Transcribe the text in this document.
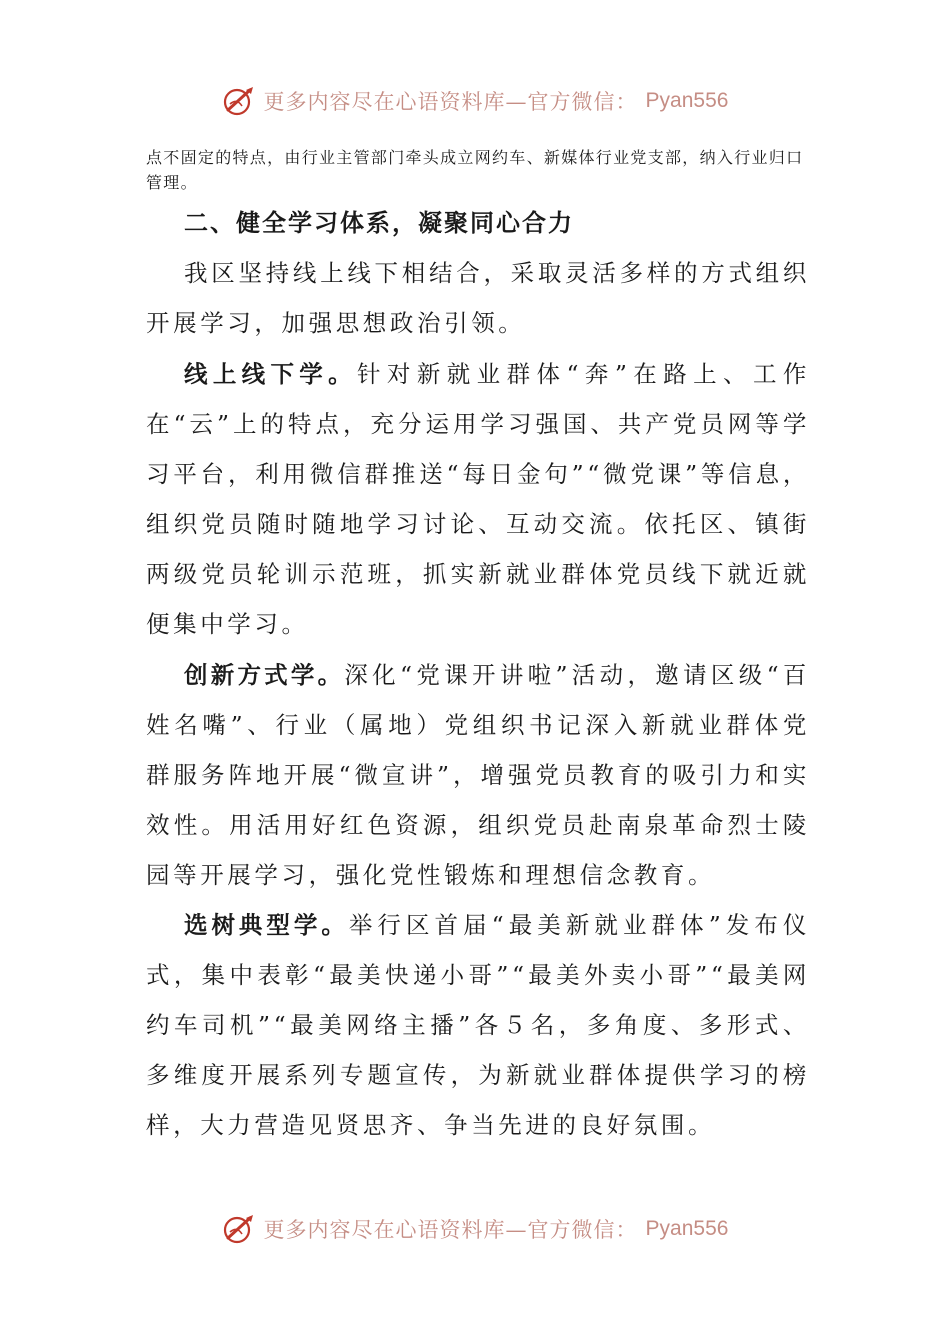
更多内容尽在心语资料库—官方微信： Pyan556
点不固定的特点，由行业主管部门牵头成立网约车、新媒体行业党支部，纳入行业归口管理。
二、健全学习体系，凝聚同心合力
我区坚持线上线下相结合，采取灵活多样的方式组织开展学习，加强思想政治引领。
线上线下学。针对新就业群体“奔”在路上、工作在“云”上的特点，充分运用学习强国、共产党员网等学习平台，利用微信群推送“每日金句”“微党课”等信息，组织党员随时随地学习讨论、互动交流。依托区、镇街两级党员轮训示范班，抓实新就业群体党员线下就近就便集中学习。
创新方式学。深化“党课开讲啦”活动，邀请区级“百姓名嘴”、行业（属地）党组织书记深入新就业群体党群服务阵地开展“微宣讲”，增强党员教育的吸引力和实效性。用活用好红色资源，组织党员赴南泉革命烈士陵园等开展学习，强化党性锻炼和理想信念教育。
选树典型学。举行区首届“最美新就业群体”发布仪式，集中表彰“最美快递小哥”“最美外卖小哥”“最美网约车司机”“最美网络主播”各５名，多角度、多形式、多维度开展系列专题宣传，为新就业群体提供学习的榜样，大力营造见贤思齐、争当先进的良好氛围。
更多内容尽在心语资料库—官方微信： Pyan556
